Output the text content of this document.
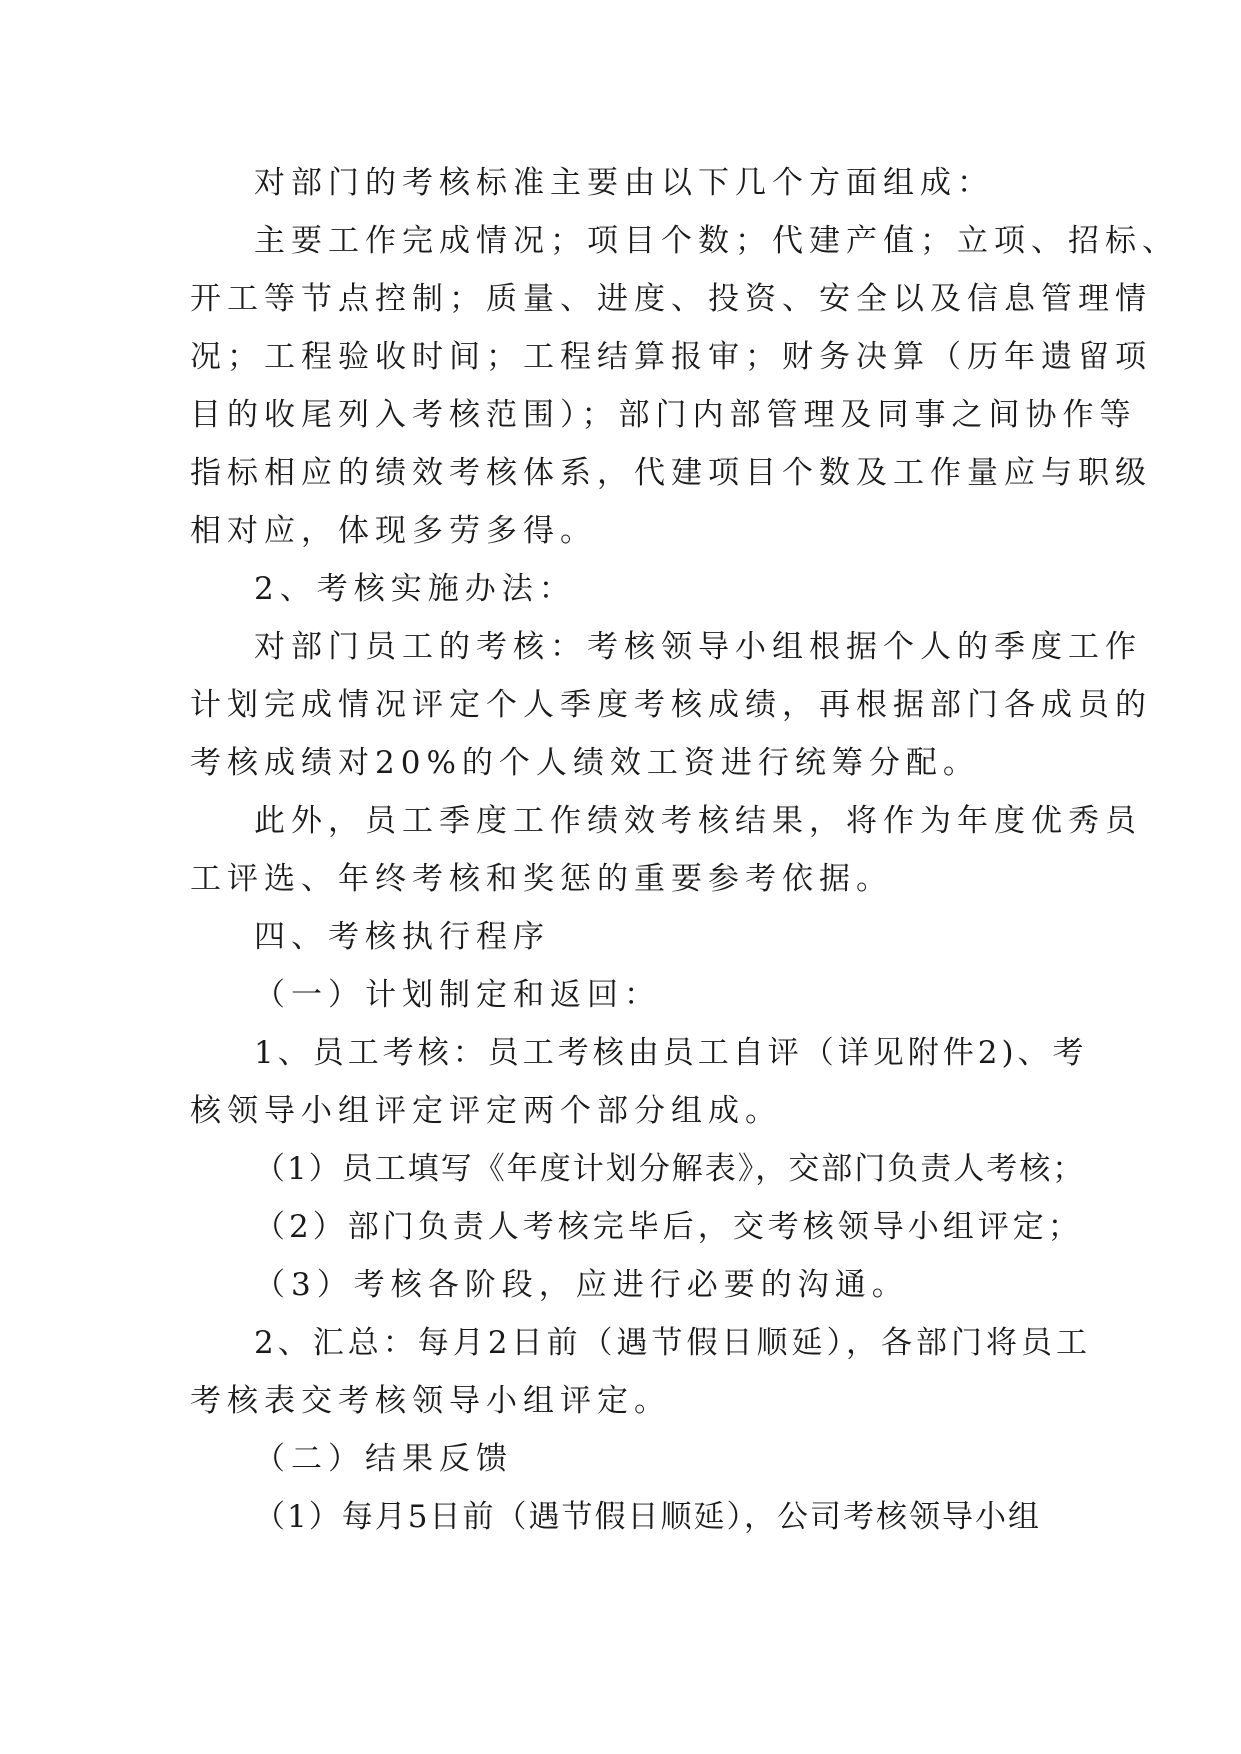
对部门的考核标准主要由以下几个方面组成：
主要工作完成情况；项目个数；代建产值；立项、招标、
开工等节点控制；质量、进度、投资、安全以及信息管理情
况；工程验收时间；工程结算报审；财务决算（历年遗留项
目的收尾列入考核范围）；部门内部管理及同事之间协作等
指标相应的绩效考核体系，代建项目个数及工作量应与职级
相对应，体现多劳多得。
2、考核实施办法：
对部门员工的考核：考核领导小组根据个人的季度工作
计划完成情况评定个人季度考核成绩，再根据部门各成员的
考核成绩对20%的个人绩效工资进行统筹分配。
此外，员工季度工作绩效考核结果，将作为年度优秀员
工评选、年终考核和奖惩的重要参考依据。
四、考核执行程序
（一）计划制定和返回：
1、员工考核：员工考核由员工自评（详见附件2)、考
核领导小组评定评定两个部分组成。
（1）员工填写《年度计划分解表》，交部门负责人考核；
（2）部门负责人考核完毕后，交考核领导小组评定；
（3）考核各阶段，应进行必要的沟通。
2、汇总：每月2日前（遇节假日顺延），各部门将员工
考核表交考核领导小组评定。
（二）结果反馈
（1）每月5日前（遇节假日顺延），公司考核领导小组
